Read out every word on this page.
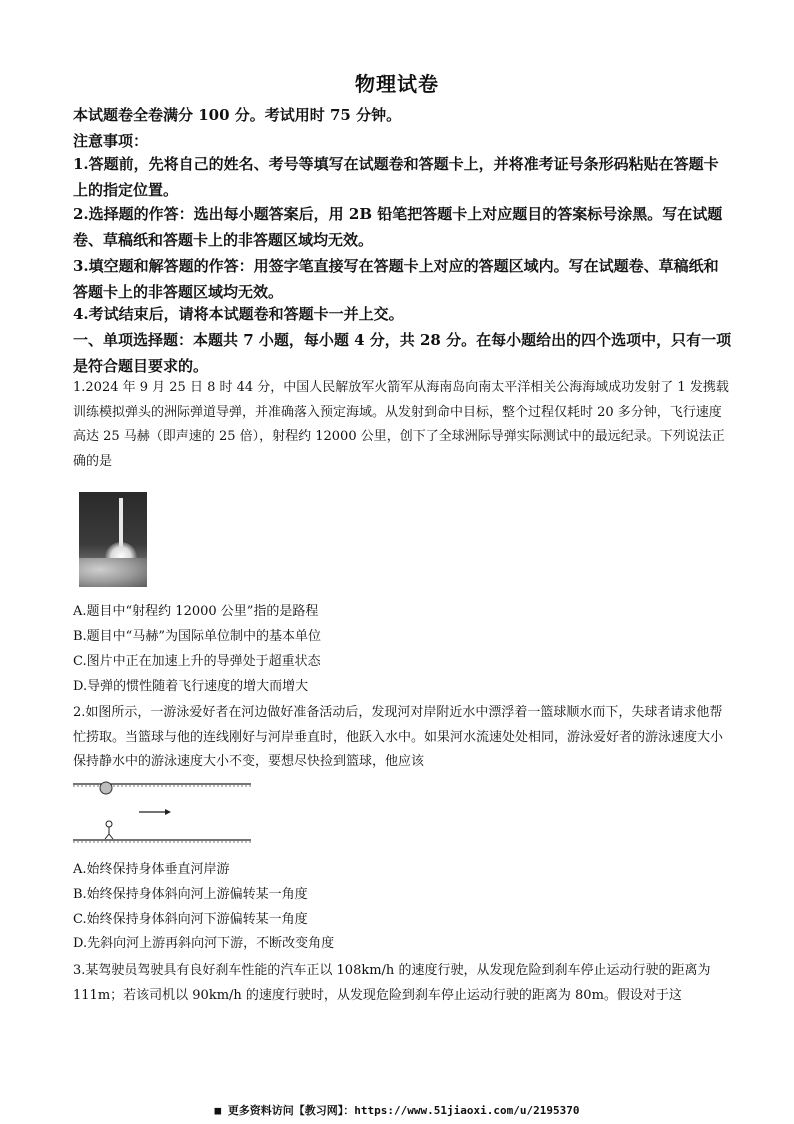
物理试卷

本试题卷全卷满分 100 分。考试用时 75 分钟。

注意事项：

1.答题前，先将自己的姓名、考号等填写在试题卷和答题卡上，并将准考证号条形码粘贴在答题卡上的指定位置。

2.选择题的作答：选出每小题答案后，用 2B 铅笔把答题卡上对应题目的答案标号涂黑。写在试题卷、草稿纸和答题卡上的非答题区域均无效。

3.填空题和解答题的作答：用签字笔直接写在答题卡上对应的答题区域内。写在试题卷、草稿纸和答题卡上的非答题区域均无效。

4.考试结束后，请将本试题卷和答题卡一并上交。

一、单项选择题：本题共 7 小题，每小题 4 分，共 28 分。在每小题给出的四个选项中，只有一项是符合题目要求的。

1.2024 年 9 月 25 日 8 时 44 分，中国人民解放军火箭军从海南岛向南太平洋相关公海海域成功发射了 1 发携载训练模拟弹头的洲际弹道导弹，并准确落入预定海域。从发射到命中目标，整个过程仅耗时 20 多分钟，飞行速度高达 25 马赫（即声速的 25 倍），射程约 12000 公里，创下了全球洲际导弹实际测试中的最远纪录。下列说法正确的是

A.题目中“射程约 12000 公里”指的是路程

B.题目中“马赫”为国际单位制中的基本单位

C.图片中正在加速上升的导弹处于超重状态

D.导弹的惯性随着飞行速度的增大而增大

2.如图所示，一游泳爱好者在河边做好准备活动后，发现河对岸附近水中漂浮着一篮球顺水而下，失球者请求他帮忙捞取。当篮球与他的连线刚好与河岸垂直时，他跃入水中。如果河水流速处处相同，游泳爱好者的游泳速度大小保持静水中的游泳速度大小不变，要想尽快捡到篮球，他应该

A.始终保持身体垂直河岸游

B.始终保持身体斜向河上游偏转某一角度

C.始终保持身体斜向河下游偏转某一角度

D.先斜向河上游再斜向河下游，不断改变角度

3.某驾驶员驾驶具有良好刹车性能的汽车正以 108km/h 的速度行驶，从发现危险到刹车停止运动行驶的距离为 111m；若该司机以 90km/h 的速度行驶时，从发现危险到刹车停止运动行驶的距离为 80m。假设对于这

■ 更多资料访问【教习网】：https://www.51jiaoxi.com/u/2195370
